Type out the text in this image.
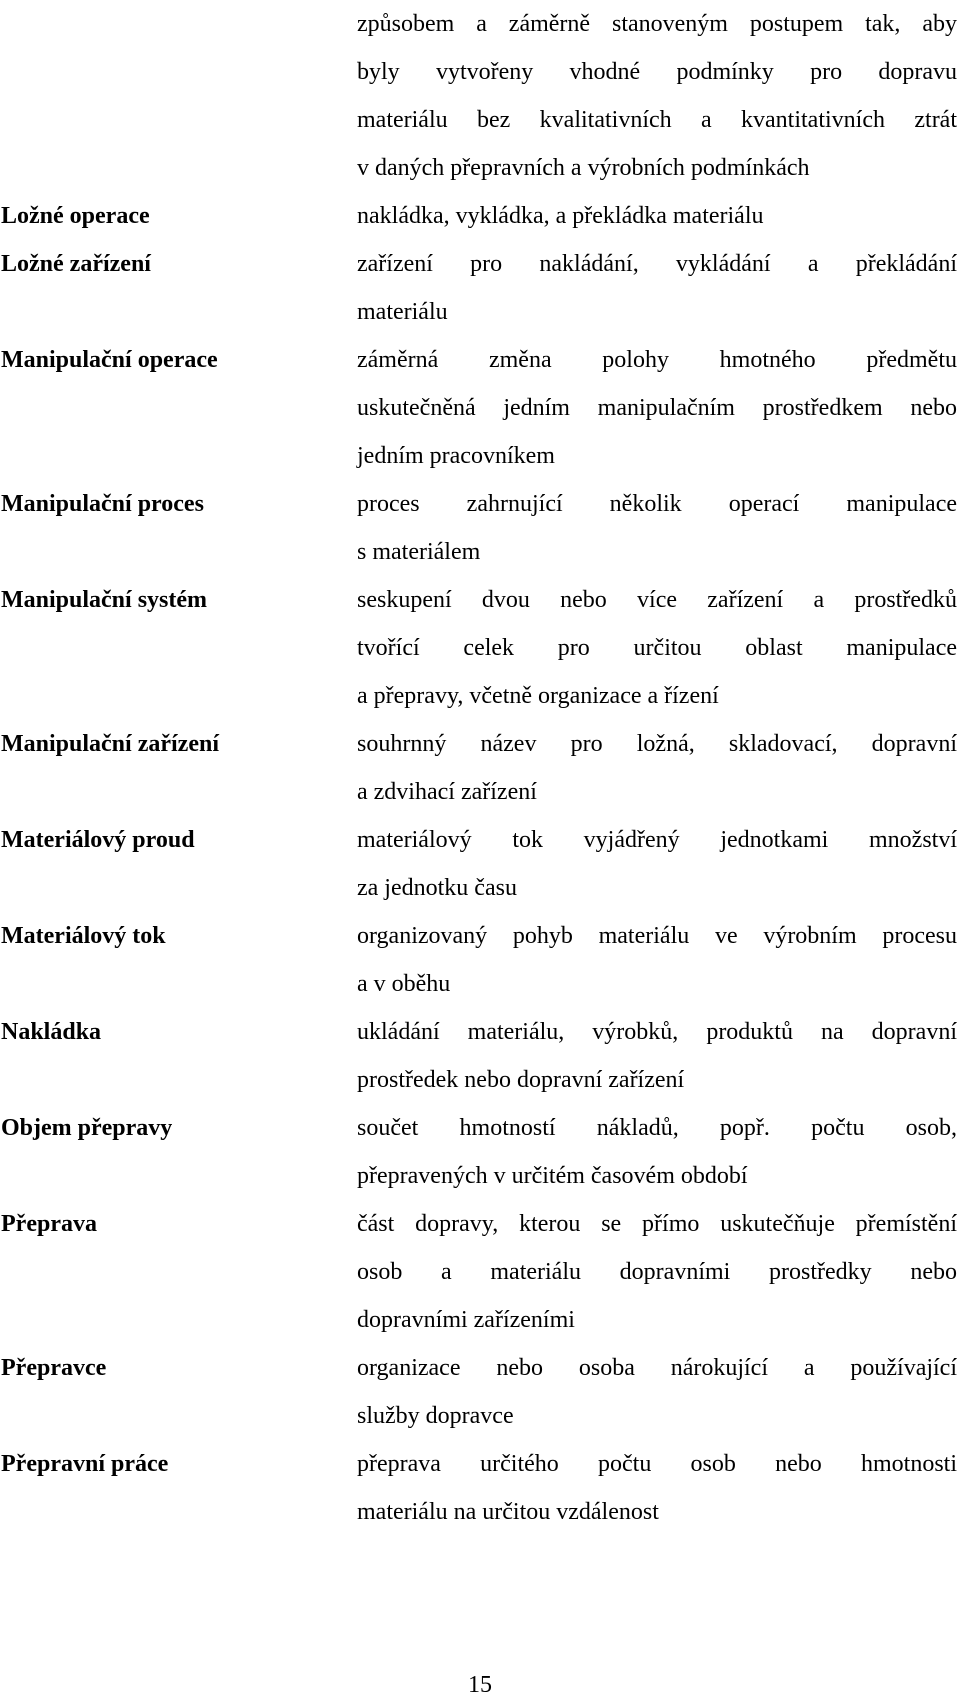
způsobem a záměrně stanoveným postupem tak, aby
byly vytvořeny vhodné podmínky pro dopravu
materiálu bez kvalitativních a kvantitativních ztrát
v daných přepravních a výrobních podmínkách
Ložné operace	nakládka, vykládka, a překládka materiálu
Ložné zařízení	zařízení pro nakládání, vykládání a překládání
materiálu
Manipulační operace	záměrná změna polohy hmotného předmětu
uskutečněná jedním manipulačním prostředkem nebo
jedním pracovníkem
Manipulační proces	proces zahrnující několik operací manipulace
s materiálem
Manipulační systém	seskupení dvou nebo více zařízení a prostředků
tvořící celek pro určitou oblast manipulace
a přepravy, včetně organizace a řízení
Manipulační zařízení	souhrnný název pro ložná, skladovací, dopravní
a zdvihací zařízení
Materiálový proud	materiálový tok vyjádřený jednotkami množství
za jednotku času
Materiálový tok	organizovaný pohyb materiálu ve výrobním procesu
a v oběhu
Nakládka	ukládání materiálu, výrobků, produktů na dopravní
prostředek nebo dopravní zařízení
Objem přepravy	součet hmotností nákladů, popř. počtu osob,
přepravených v určitém časovém období
Přeprava	část dopravy, kterou se přímo uskutečňuje přemístění
osob a materiálu dopravními prostředky nebo
dopravními zařízeními
Přepravce	organizace nebo osoba nárokující a používající
služby dopravce
Přepravní práce	přeprava určitého počtu osob nebo hmotnosti
materiálu na určitou vzdálenost
15
